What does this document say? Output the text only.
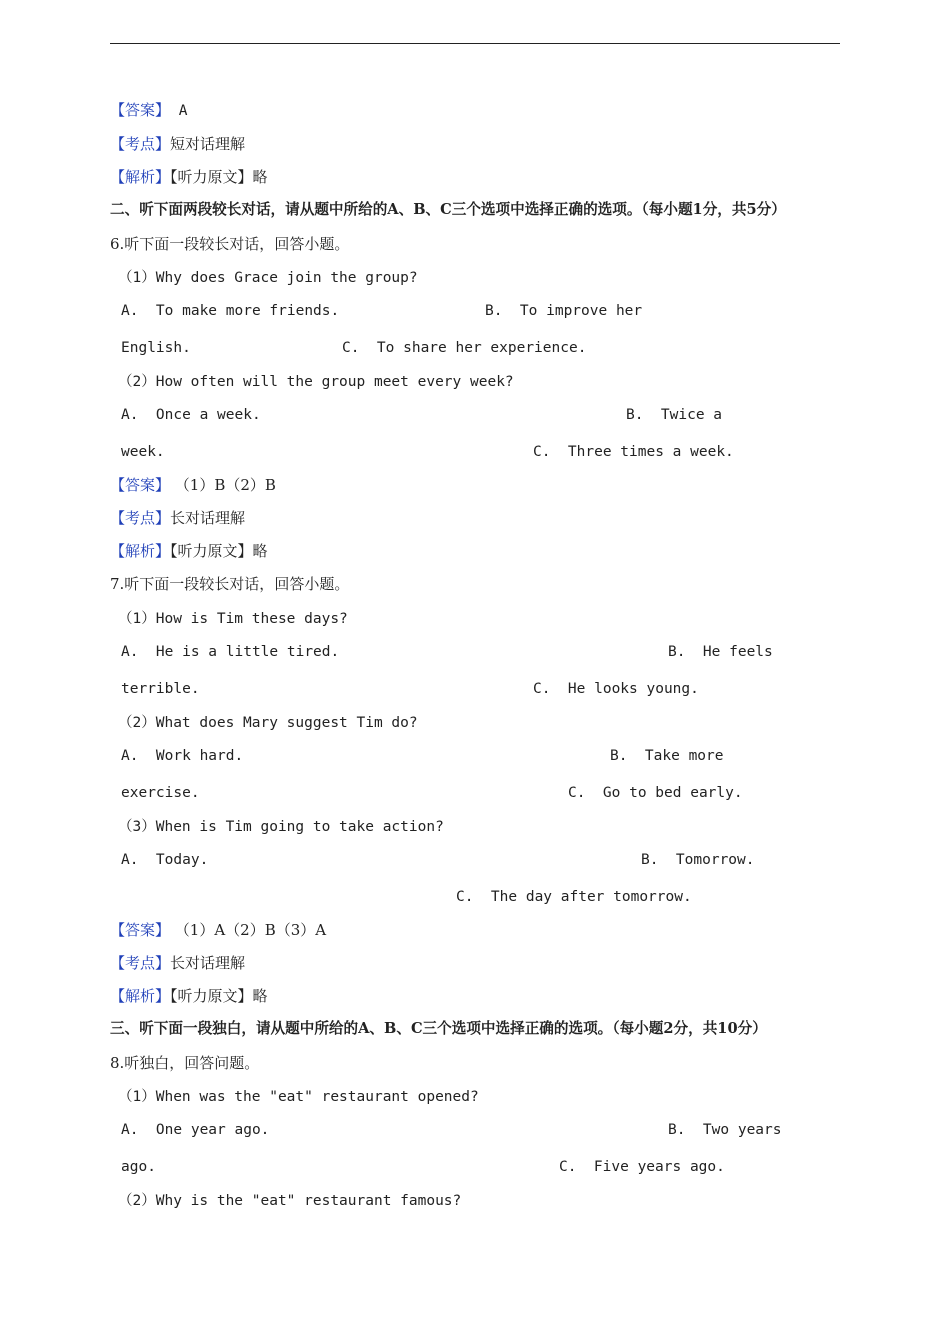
【答案】 A
【考点】短对话理解
【解析】【听力原文】略
二、听下面两段较长对话，请从题中所给的A、B、C三个选项中选择正确的选项。（每小题1分，共5分）
6.听下面一段较长对话，回答小题。
（1）Why does Grace join the group?
A.  To make more friends.	B.  To improve her
English.	C.  To share her experience.
（2）How often will the group meet every week?
A.  Once a week.	B.  Twice a
week.	C.  Three times a week.
【答案】 （1）B（2）B
【考点】长对话理解
【解析】【听力原文】略
7.听下面一段较长对话，回答小题。
（1）How is Tim these days?
A.  He is a little tired.	B.  He feels
terrible.	C.  He looks young.
（2）What does Mary suggest Tim do?
A.  Work hard.	B.  Take more
exercise.	C.  Go to bed early.
（3）When is Tim going to take action?
A.  Today.	B.  Tomorrow.
C.  The day after tomorrow.
【答案】 （1）A（2）B（3）A
【考点】长对话理解
【解析】【听力原文】略
三、听下面一段独白，请从题中所给的A、B、C三个选项中选择正确的选项。（每小题2分，共10分）
8.听独白，回答问题。
（1）When was the "eat" restaurant opened?
A.  One year ago.	B.  Two years
ago.	C.  Five years ago.
（2）Why is the "eat" restaurant famous?
